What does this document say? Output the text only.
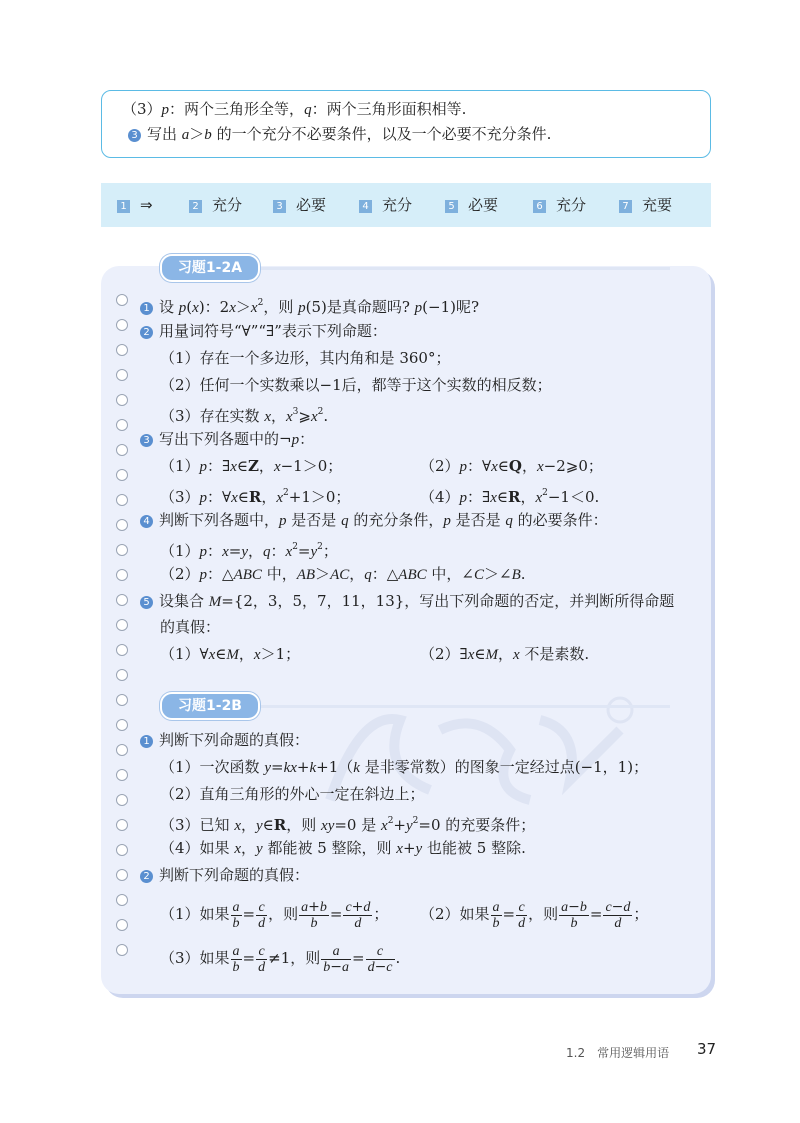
（3）p：两个三角形全等，q：两个三角形面积相等.
3 写出 a＞b 的一个充分不必要条件，以及一个必要不充分条件.
1 ⇒	2 充分	3 必要	4 充分	5 必要	6 充分	7 充要
习题1-2A
1 设 p(x)：$2x>x^2$，则 p(5)是真命题吗? p(−1)呢?
2 用量词符号“∀”“∃”表示下列命题：
（1）存在一个多边形，其内角和是 360°；
（2）任何一个实数乘以−1后，都等于这个实数的相反数；
（3）存在实数 x，$x^3⩾x^2$.
3 写出下列各题中的¬p：
（1）p：∃x∈Z，x−1＞0；	（2）p：∀x∈Q，x−2⩾0；
（3）p：∀x∈R，$x^2+1>0$；	（4）p：∃x∈R，$x^2-1<0$.
4 判断下列各题中，p 是否是 q 的充分条件，p 是否是 q 的必要条件：
（1）p：x=y，q：$x^2=y^2$；
（2）p：△ABC 中，AB＞AC，q：△ABC 中，∠C＞∠B.
5 设集合 M={2，3，5，7，11，13}，写出下列命题的否定，并判断所得命题
的真假：
（1）∀x∈M，x＞1；	（2）∃x∈M，x 不是素数.
习题1-2B
1 判断下列命题的真假：
（1）一次函数 y=kx+k+1（k 是非零常数）的图象一定经过点(−1，1)；
（2）直角三角形的外心一定在斜边上；
（3）已知 x，y∈R，则 xy=0 是 $x^2+y^2=0$ 的充要条件；
（4）如果 x，y 都能被 5 整除，则 x+y 也能被 5 整除.
2 判断下列命题的真假：
（1）如果 $\frac{a}{b} = \frac{c}{d}$ ，则 $\frac{a+b}{b} = \frac{c+d}{d}$ ； （2）如果 $\frac{a}{b} = \frac{c}{d}$ ，则 $\frac{a-b}{b} = \frac{c-d}{d}$ ；
（3）如果 $\frac{a}{b} = \frac{c}{d} \ne 1$，则 $\frac{a}{b-a} = \frac{c}{d-c}$ .
1.2　常用逻辑用语 37
